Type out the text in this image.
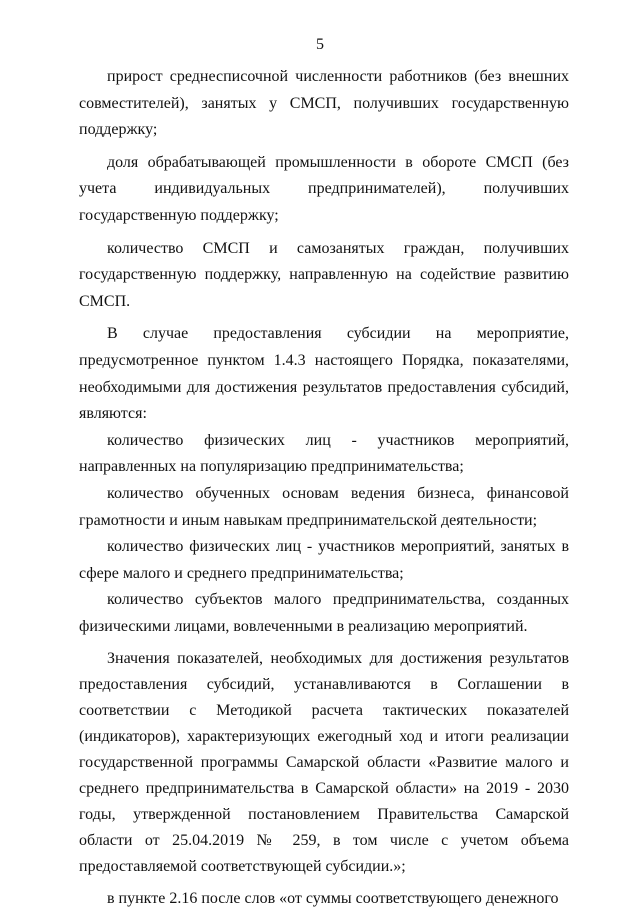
5

прирост среднесписочной численности работников (без внешних совместителей), занятых у СМСП, получивших государственную поддержку;

доля обрабатывающей промышленности в обороте СМСП (без учета индивидуальных предпринимателей), получивших государственную поддержку;

количество СМСП и самозанятых граждан, получивших государственную поддержку, направленную на содействие развитию СМСП.

В случае предоставления субсидии на мероприятие, предусмотренное пунктом 1.4.3 настоящего Порядка, показателями, необходимыми для достижения результатов предоставления субсидий, являются:

количество физических лиц - участников мероприятий, направленных на популяризацию предпринимательства;

количество обученных основам ведения бизнеса, финансовой грамотности и иным навыкам предпринимательской деятельности;

количество физических лиц - участников мероприятий, занятых в сфере малого и среднего предпринимательства;

количество субъектов малого предпринимательства, созданных физическими лицами, вовлеченными в реализацию мероприятий.

Значения показателей, необходимых для достижения результатов предоставления субсидий, устанавливаются в Соглашении в соответствии с Методикой расчета тактических показателей (индикаторов), характеризующих ежегодный ход и итоги реализации государственной программы Самарской области «Развитие малого и среднего предпринимательства в Самарской области» на 2019 - 2030 годы, утвержденной постановлением Правительства Самарской области от 25.04.2019 № 259, в том числе с учетом объема предоставляемой соответствующей субсидии.»;

в пункте 2.16 после слов «от суммы соответствующего денежного
